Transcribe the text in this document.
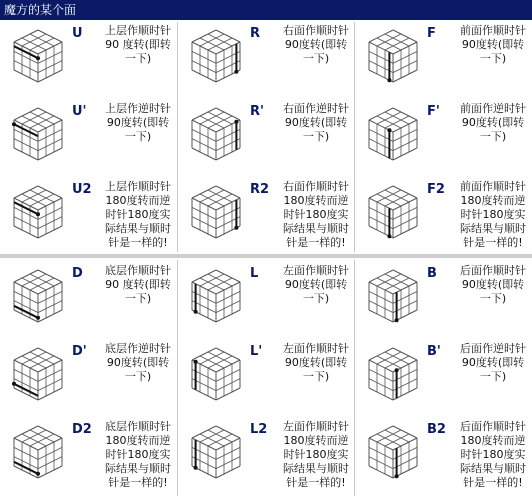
魔方的某个面
U	上层作顺时针
90 度转(即转
一下)
R	右面作顺时针
90度转(即转
一下)
F	前面作顺时针
90度转(即转
一下)
U'	上层作逆时针
90度转(即转
一下)
R'	右面作逆时针
90度转(即转
一下)
F'	前面作逆时针
90度转(即转
一下)
U2	上层作顺时针
180度转而逆
时针180度实
际结果与顺时
针是一样的!
R2	右面作顺时针
180度转而逆
时针180度实
际结果与顺时
针是一样的!
F2	前面作顺时针
180度转而逆
时针180度实
际结果与顺时
针是一样的!
D	底层作顺时针
90 度转(即转
一下)
L	左面作顺时针
90度转(即转
一下)
B	后面作顺时针
90度转(即转
一下)
D'	底层作逆时针
90度转(即转
一下)
L'	左面作顺时针
90度转(即转
一下)
B'	后面作逆时针
90度转(即转
一下)
D2	底层作顺时针
180度转而逆
时针180度实
际结果与顺时
针是一样的!
L2	左面作顺时针
180度转而逆
时针180度实
际结果与顺时
针是一样的!
B2	后面作顺时针
180度转而逆
时针180度实
际结果与顺时
针是一样的!
